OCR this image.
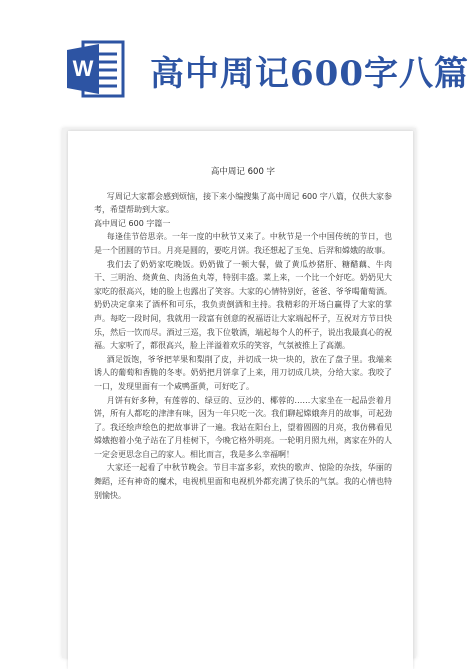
W 高中周记600字八篇
高中周记 600 字

写周记大家都会感到烦恼，接下来小编搜集了高中周记 600 字八篇，仅供大家参考，希望帮助到大家。

高中周记 600 字篇一

每逢佳节倍思亲。一年一度的中秋节又来了。中秋节是一个中国传统的节日，也是一个团圆的节日。月亮是圆的，要吃月饼。我还想起了玉兔、后羿和嫦娥的故事。

我们去了奶奶家吃晚饭。奶奶做了一顿大餐，做了黄瓜炒猪肝、糖醋藕、牛肉干、三明治、烧黄鱼、肉汤鱼丸等，特别丰盛。菜上来，一个比一个好吃。奶奶见大家吃的很高兴，她的脸上也露出了笑容。大家的心情特别好，爸爸、爷爷喝葡萄酒。奶奶决定拿来了酒杯和可乐，我负责倒酒和主持。我精彩的开场白赢得了大家的掌声。每吃一段时间，我就用一段富有创意的祝福语让大家端起杯子，互祝对方节日快乐，然后一饮而尽。酒过三巡，我下位敬酒，端起每个人的杯子，说出我最真心的祝福。大家听了，都很高兴，脸上洋溢着欢乐的笑容，气氛被推上了高潮。

酒足饭饱，爷爷把苹果和梨削了皮，并切成一块一块的，放在了盘子里。我端来诱人的葡萄和香脆的冬枣。奶奶把月饼拿了上来，用刀切成几块，分给大家。我咬了一口，发现里面有一个咸鸭蛋黄，可好吃了。

月饼有好多种，有莲蓉的、绿豆的、豆沙的、椰蓉的……大家坐在一起品尝着月饼，所有人都吃的津津有味，因为一年只吃一次。我们聊起嫦娥奔月的故事，可起劲了。我还绘声绘色的把故事讲了一遍。我站在阳台上，望着圆圆的月亮，我仿佛看见嫦娥抱着小兔子站在了月桂树下，今晚它格外明亮。一轮明月照九州，离家在外的人一定会更思念自己的家人。相比而言，我是多么幸福啊！

大家还一起看了中秋节晚会。节目丰富多彩，欢快的歌声、惊险的杂技，华丽的舞蹈，还有神奇的魔术，电视机里面和电视机外都充满了快乐的气氛。我的心情也特别愉快。
